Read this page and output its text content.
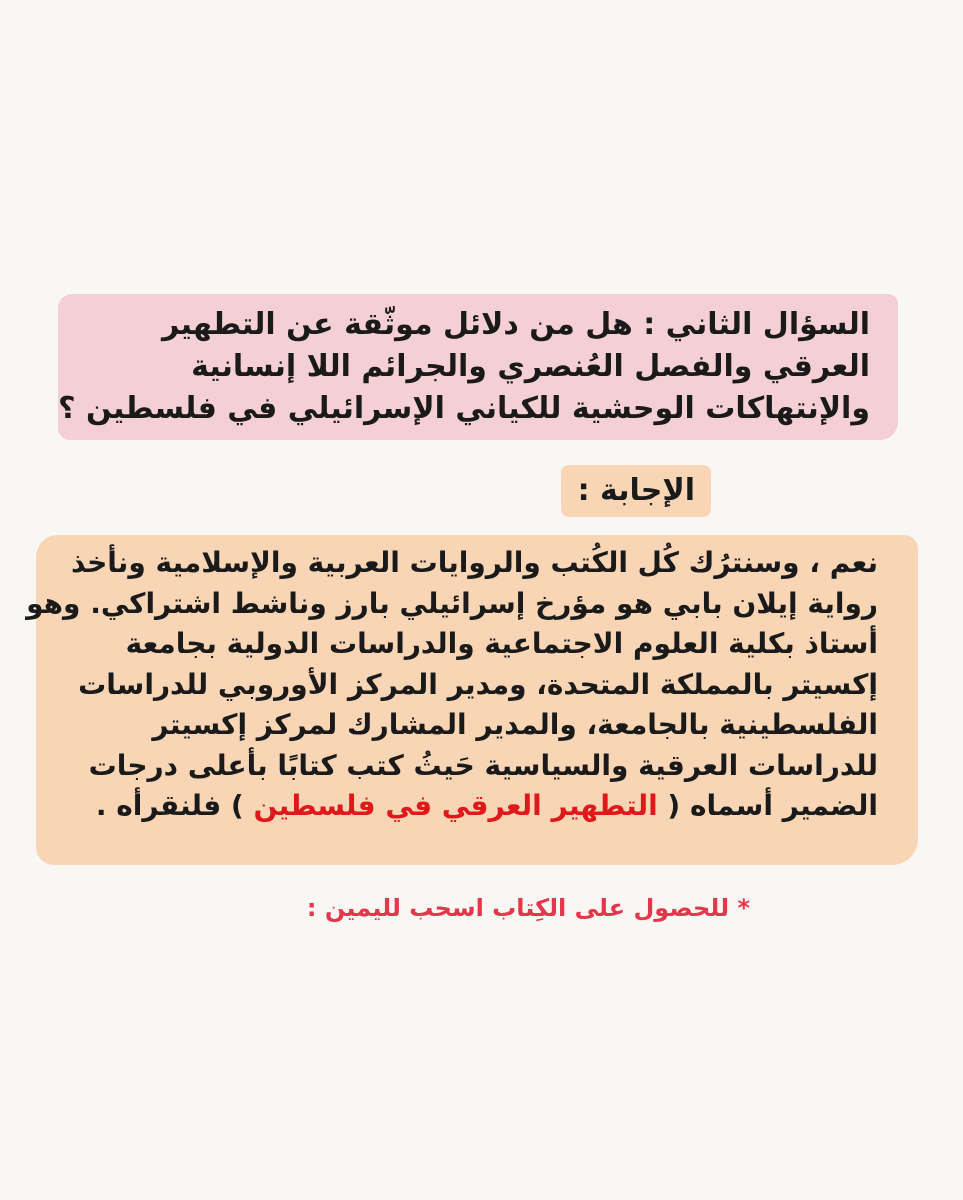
السؤال الثاني : هل من دلائل موثّقة عن التطهير
العرقي والفصل العُنصري والجرائم اللا إنسانية
والإنتهاكات الوحشية للكياني الإسرائيلي في فلسطين ؟
الإجابة :
نعم ، وسنترُك كُل الكُتب والروايات العربية والإسلامية ونأخذ
رواية إيلان بابي هو مؤرخ إسرائيلي بارز وناشط اشتراكي. وهو
أستاذ بكلية العلوم الاجتماعية والدراسات الدولية بجامعة
إكسيتر بالمملكة المتحدة، ومدير المركز الأوروبي للدراسات
الفلسطينية بالجامعة، والمدير المشارك لمركز إكسيتر
للدراسات العرقية والسياسية حَيثُ كتب كتابًا بأعلى درجات
الضمير أسماه ( التطهير العرقي في فلسطين ) فلنقرأه .
* للحصول على الكِتاب اسحب لليمين :
